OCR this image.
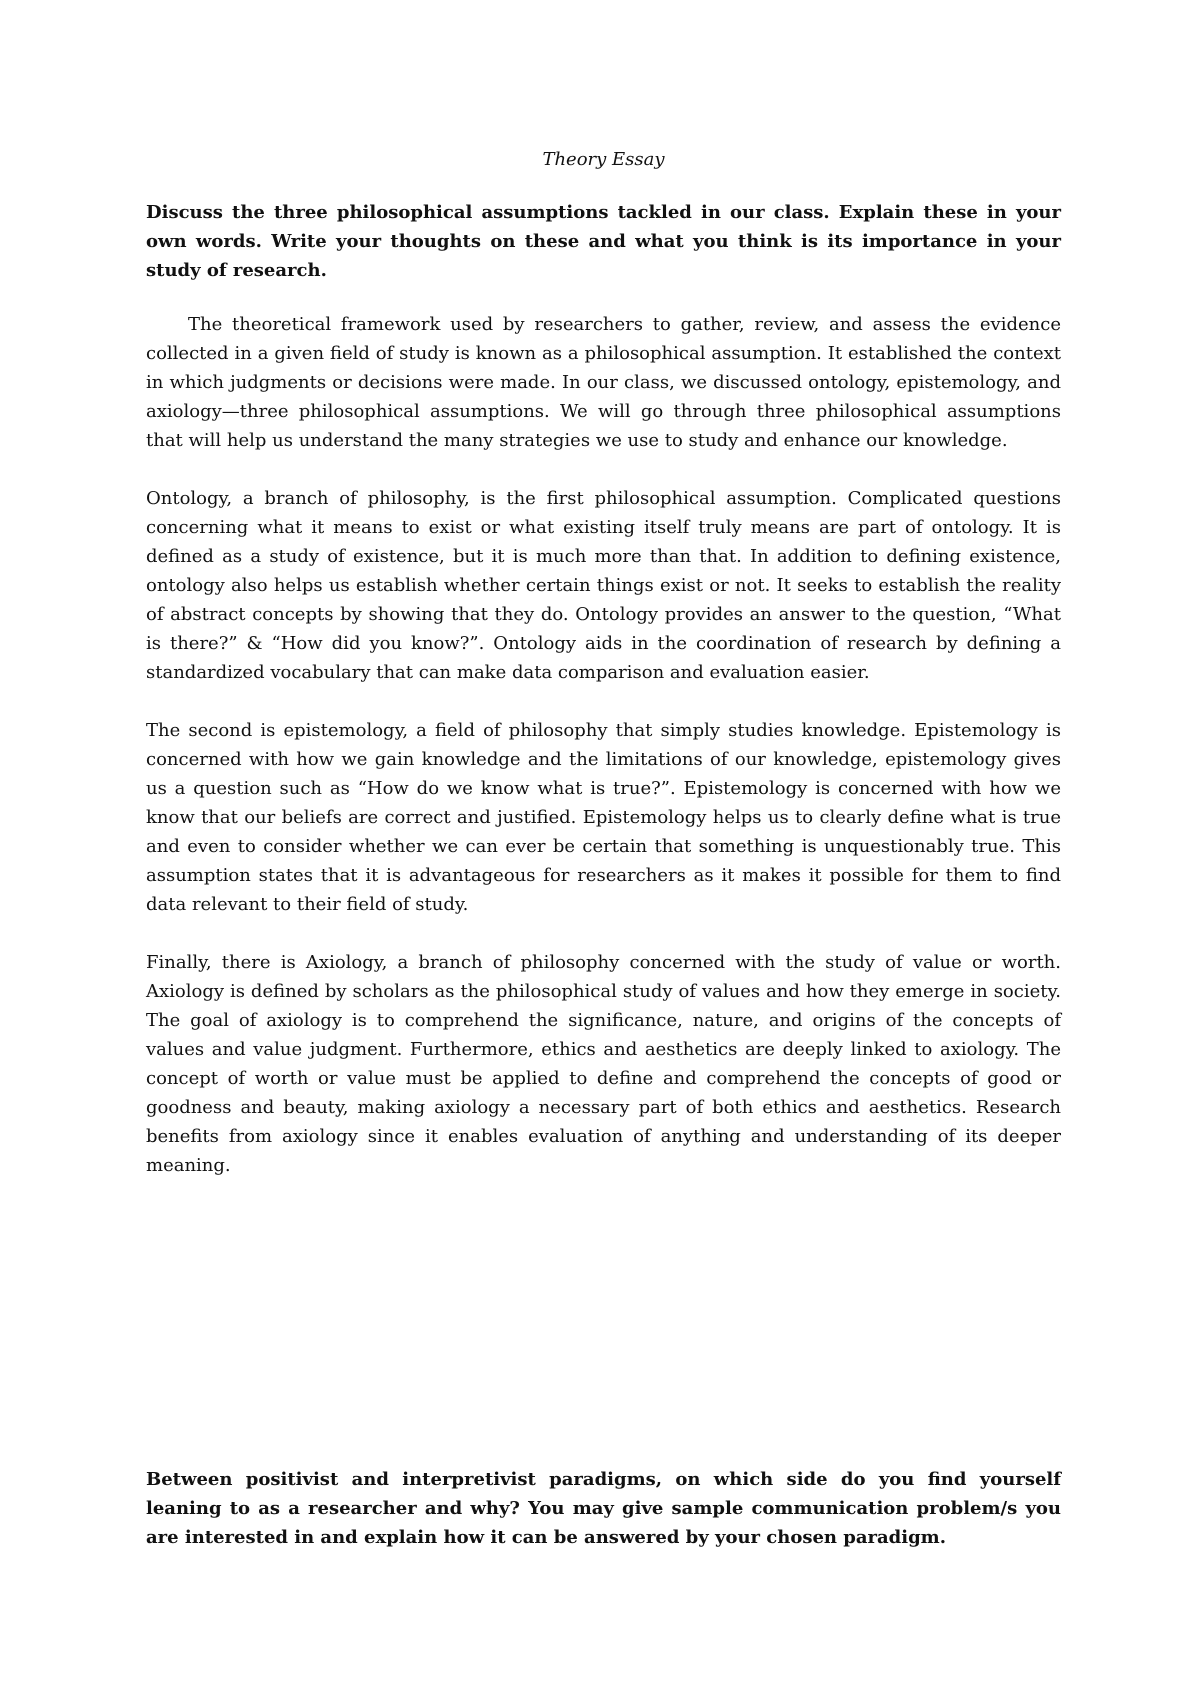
Theory Essay

Discuss the three philosophical assumptions tackled in our class. Explain these in your own words. Write your thoughts on these and what you think is its importance in your study of research.

The theoretical framework used by researchers to gather, review, and assess the evidence collected in a given field of study is known as a philosophical assumption. It established the context in which judgments or decisions were made. In our class, we discussed ontology, epistemology, and axiology—three philosophical assumptions. We will go through three philosophical assumptions that will help us understand the many strategies we use to study and enhance our knowledge.

Ontology, a branch of philosophy, is the first philosophical assumption. Complicated questions concerning what it means to exist or what existing itself truly means are part of ontology. It is defined as a study of existence, but it is much more than that. In addition to defining existence, ontology also helps us establish whether certain things exist or not. It seeks to establish the reality of abstract concepts by showing that they do. Ontology provides an answer to the question, “What is there?” & “How did you know?”. Ontology aids in the coordination of research by defining a standardized vocabulary that can make data comparison and evaluation easier.

The second is epistemology, a field of philosophy that simply studies knowledge. Epistemology is concerned with how we gain knowledge and the limitations of our knowledge, epistemology gives us a question such as “How do we know what is true?”. Epistemology is concerned with how we know that our beliefs are correct and justified. Epistemology helps us to clearly define what is true and even to consider whether we can ever be certain that something is unquestionably true. This assumption states that it is advantageous for researchers as it makes it possible for them to find data relevant to their field of study.

Finally, there is Axiology, a branch of philosophy concerned with the study of value or worth. Axiology is defined by scholars as the philosophical study of values and how they emerge in society. The goal of axiology is to comprehend the significance, nature, and origins of the concepts of values and value judgment. Furthermore, ethics and aesthetics are deeply linked to axiology. The concept of worth or value must be applied to define and comprehend the concepts of good or goodness and beauty, making axiology a necessary part of both ethics and aesthetics. Research benefits from axiology since it enables evaluation of anything and understanding of its deeper meaning.

Between positivist and interpretivist paradigms, on which side do you find yourself leaning to as a researcher and why? You may give sample communication problem/s you are interested in and explain how it can be answered by your chosen paradigm.
